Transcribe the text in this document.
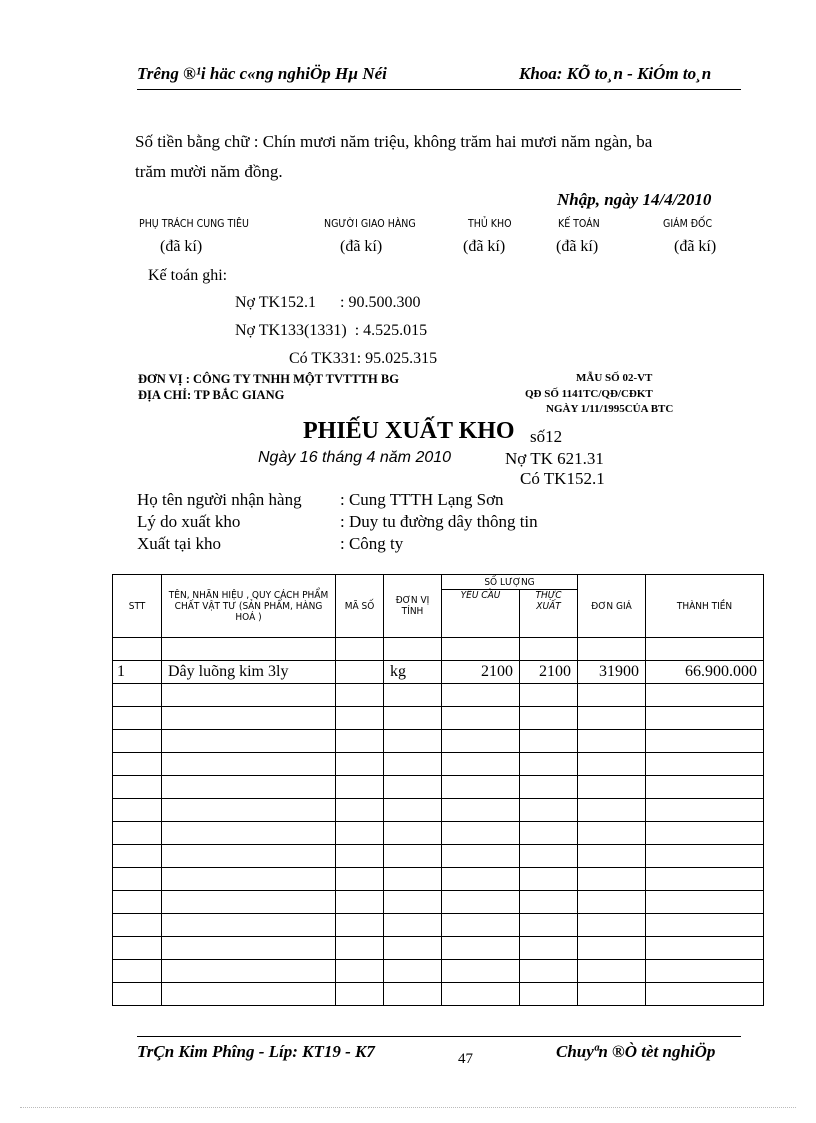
Trêng ®¹i häc c«ng nghiÖp Hµ Néi	Khoa: KÕ to¸n - KiÓm to¸n
Số tiền bằng chữ : Chín mươi năm triệu, không trăm hai mươi năm ngàn, ba
trăm mười năm đồng.
Nhập, ngày 14/4/2010
PHỤ TRÁCH CUNG TIÊU	NGƯỜI GIAO HÀNG	THỦ KHO	KẾ TOÁN	GIÁM ĐỐC
(đã kí)	(đã kí)	(đã kí)	(đã kí)	(đã kí)
Kế toán ghi:
Nợ TK152.1      : 90.500.300
Nợ TK133(1331)  : 4.525.015
Có TK331: 95.025.315
ĐƠN VỊ : CÔNG TY TNHH MỘT TVTTTH BG
ĐỊA CHỈ: TP BẮC GIANG
MẪU SỐ 02-VT
QĐ SỐ 1141TC/QĐ/CĐKT
NGÀY 1/11/1995CỦA BTC
PHIẾU XUẤT KHO số12
Ngày 16 tháng 4 năm 2010	Nợ TK 621.31
Có TK152.1
Họ tên người nhận hàng : Cung TTTH Lạng Sơn
Lý do xuất kho	: Duy tu đường dây thông tin
Xuất tại kho	: Công ty
STT	TÊN, NHÃN HIỆU , QUY CÁCH PHẨM CHẤT VẬT TƯ (SẢN PHẨM, HÀNG HOÁ )	MÃ SỐ	ĐƠN VỊ TÍNH	SỐ LƯỢNG		ĐƠN GIÁ	THÀNH TIỀN
				YÊU CẦU	THỰC XUẤT		

1	Dây luõng kim 3ly		kg	2100	2100	31900	66.900.000

TrÇn Kim Phîng - Líp: KT19 - K7	47	Chuyªn ®Ò tèt nghiÖp
